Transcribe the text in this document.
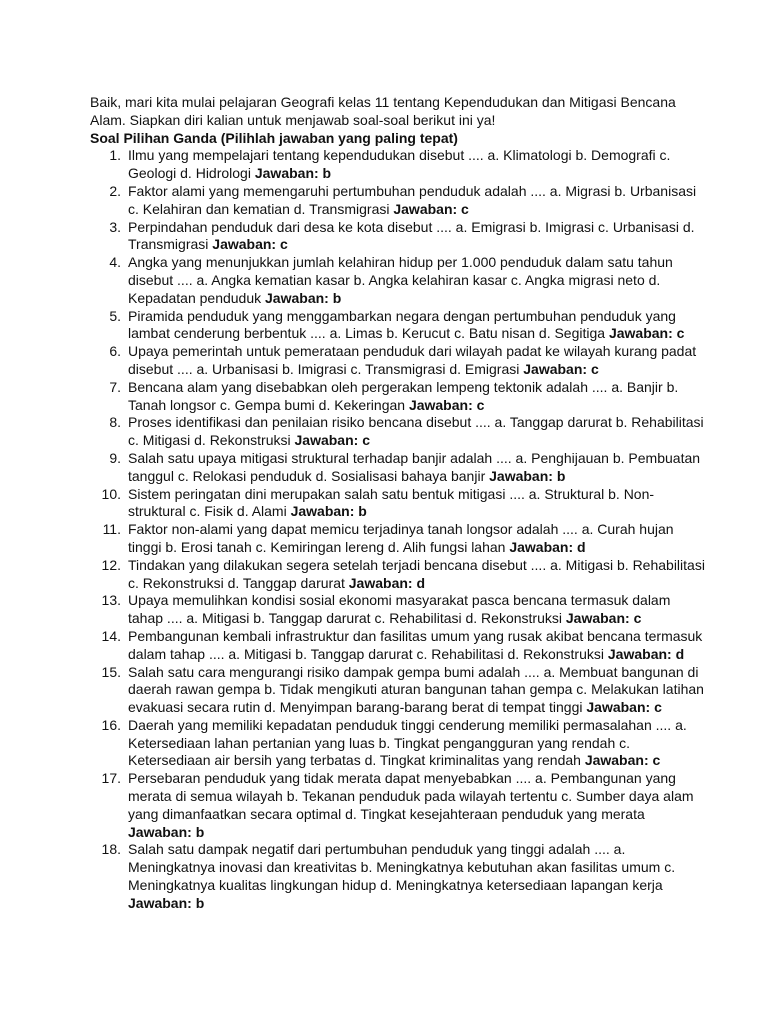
Baik, mari kita mulai pelajaran Geografi kelas 11 tentang Kependudukan dan Mitigasi Bencana Alam. Siapkan diri kalian untuk menjawab soal-soal berikut ini ya!

Soal Pilihan Ganda (Pilihlah jawaban yang paling tepat)

1. Ilmu yang mempelajari tentang kependudukan disebut .... a. Klimatologi b. Demografi c. Geologi d. Hidrologi Jawaban: b
2. Faktor alami yang memengaruhi pertumbuhan penduduk adalah .... a. Migrasi b. Urbanisasi c. Kelahiran dan kematian d. Transmigrasi Jawaban: c
3. Perpindahan penduduk dari desa ke kota disebut .... a. Emigrasi b. Imigrasi c. Urbanisasi d. Transmigrasi Jawaban: c
4. Angka yang menunjukkan jumlah kelahiran hidup per 1.000 penduduk dalam satu tahun disebut .... a. Angka kematian kasar b. Angka kelahiran kasar c. Angka migrasi neto d. Kepadatan penduduk Jawaban: b
5. Piramida penduduk yang menggambarkan negara dengan pertumbuhan penduduk yang lambat cenderung berbentuk .... a. Limas b. Kerucut c. Batu nisan d. Segitiga Jawaban: c
6. Upaya pemerintah untuk pemerataan penduduk dari wilayah padat ke wilayah kurang padat disebut .... a. Urbanisasi b. Imigrasi c. Transmigrasi d. Emigrasi Jawaban: c
7. Bencana alam yang disebabkan oleh pergerakan lempeng tektonik adalah .... a. Banjir b. Tanah longsor c. Gempa bumi d. Kekeringan Jawaban: c
8. Proses identifikasi dan penilaian risiko bencana disebut .... a. Tanggap darurat b. Rehabilitasi c. Mitigasi d. Rekonstruksi Jawaban: c
9. Salah satu upaya mitigasi struktural terhadap banjir adalah .... a. Penghijauan b. Pembuatan tanggul c. Relokasi penduduk d. Sosialisasi bahaya banjir Jawaban: b
10. Sistem peringatan dini merupakan salah satu bentuk mitigasi .... a. Struktural b. Non-struktural c. Fisik d. Alami Jawaban: b
11. Faktor non-alami yang dapat memicu terjadinya tanah longsor adalah .... a. Curah hujan tinggi b. Erosi tanah c. Kemiringan lereng d. Alih fungsi lahan Jawaban: d
12. Tindakan yang dilakukan segera setelah terjadi bencana disebut .... a. Mitigasi b. Rehabilitasi c. Rekonstruksi d. Tanggap darurat Jawaban: d
13. Upaya memulihkan kondisi sosial ekonomi masyarakat pasca bencana termasuk dalam tahap .... a. Mitigasi b. Tanggap darurat c. Rehabilitasi d. Rekonstruksi Jawaban: c
14. Pembangunan kembali infrastruktur dan fasilitas umum yang rusak akibat bencana termasuk dalam tahap .... a. Mitigasi b. Tanggap darurat c. Rehabilitasi d. Rekonstruksi Jawaban: d
15. Salah satu cara mengurangi risiko dampak gempa bumi adalah .... a. Membuat bangunan di daerah rawan gempa b. Tidak mengikuti aturan bangunan tahan gempa c. Melakukan latihan evakuasi secara rutin d. Menyimpan barang-barang berat di tempat tinggi Jawaban: c
16. Daerah yang memiliki kepadatan penduduk tinggi cenderung memiliki permasalahan .... a. Ketersediaan lahan pertanian yang luas b. Tingkat pengangguran yang rendah c. Ketersediaan air bersih yang terbatas d. Tingkat kriminalitas yang rendah Jawaban: c
17. Persebaran penduduk yang tidak merata dapat menyebabkan .... a. Pembangunan yang merata di semua wilayah b. Tekanan penduduk pada wilayah tertentu c. Sumber daya alam yang dimanfaatkan secara optimal d. Tingkat kesejahteraan penduduk yang merata Jawaban: b
18. Salah satu dampak negatif dari pertumbuhan penduduk yang tinggi adalah .... a. Meningkatnya inovasi dan kreativitas b. Meningkatnya kebutuhan akan fasilitas umum c. Meningkatnya kualitas lingkungan hidup d. Meningkatnya ketersediaan lapangan kerja Jawaban: b
